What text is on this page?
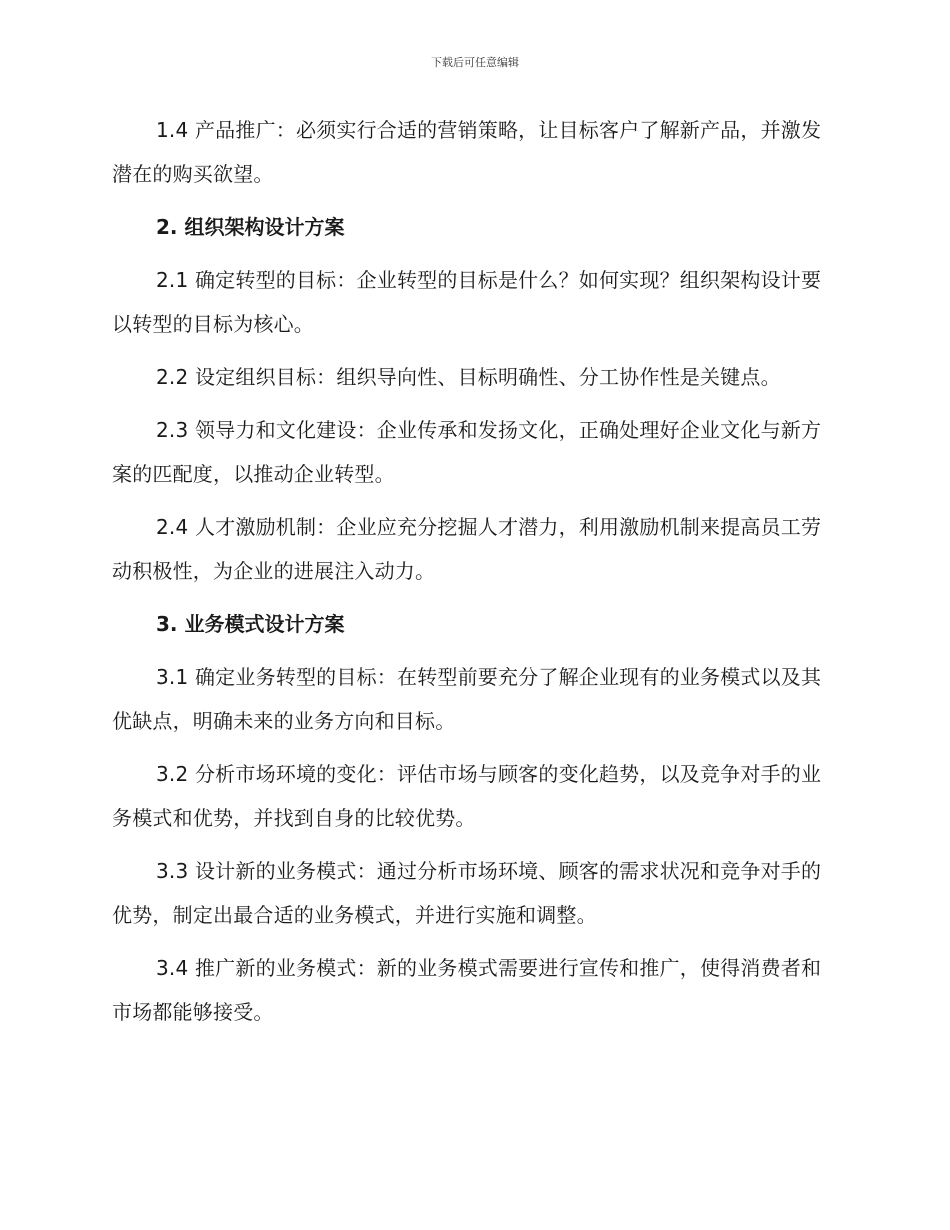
下载后可任意编辑

1.4 产品推广：必须实行合适的营销策略，让目标客户了解新产品，并激发潜在的购买欲望。

2. 组织架构设计方案

2.1 确定转型的目标：企业转型的目标是什么？如何实现？组织架构设计要以转型的目标为核心。

2.2 设定组织目标：组织导向性、目标明确性、分工协作性是关键点。

2.3 领导力和文化建设：企业传承和发扬文化，正确处理好企业文化与新方案的匹配度，以推动企业转型。

2.4 人才激励机制：企业应充分挖掘人才潜力，利用激励机制来提高员工劳动积极性，为企业的进展注入动力。

3. 业务模式设计方案

3.1 确定业务转型的目标：在转型前要充分了解企业现有的业务模式以及其优缺点，明确未来的业务方向和目标。

3.2 分析市场环境的变化：评估市场与顾客的变化趋势，以及竞争对手的业务模式和优势，并找到自身的比较优势。

3.3 设计新的业务模式：通过分析市场环境、顾客的需求状况和竞争对手的优势，制定出最合适的业务模式，并进行实施和调整。

3.4 推广新的业务模式：新的业务模式需要进行宣传和推广，使得消费者和市场都能够接受。
